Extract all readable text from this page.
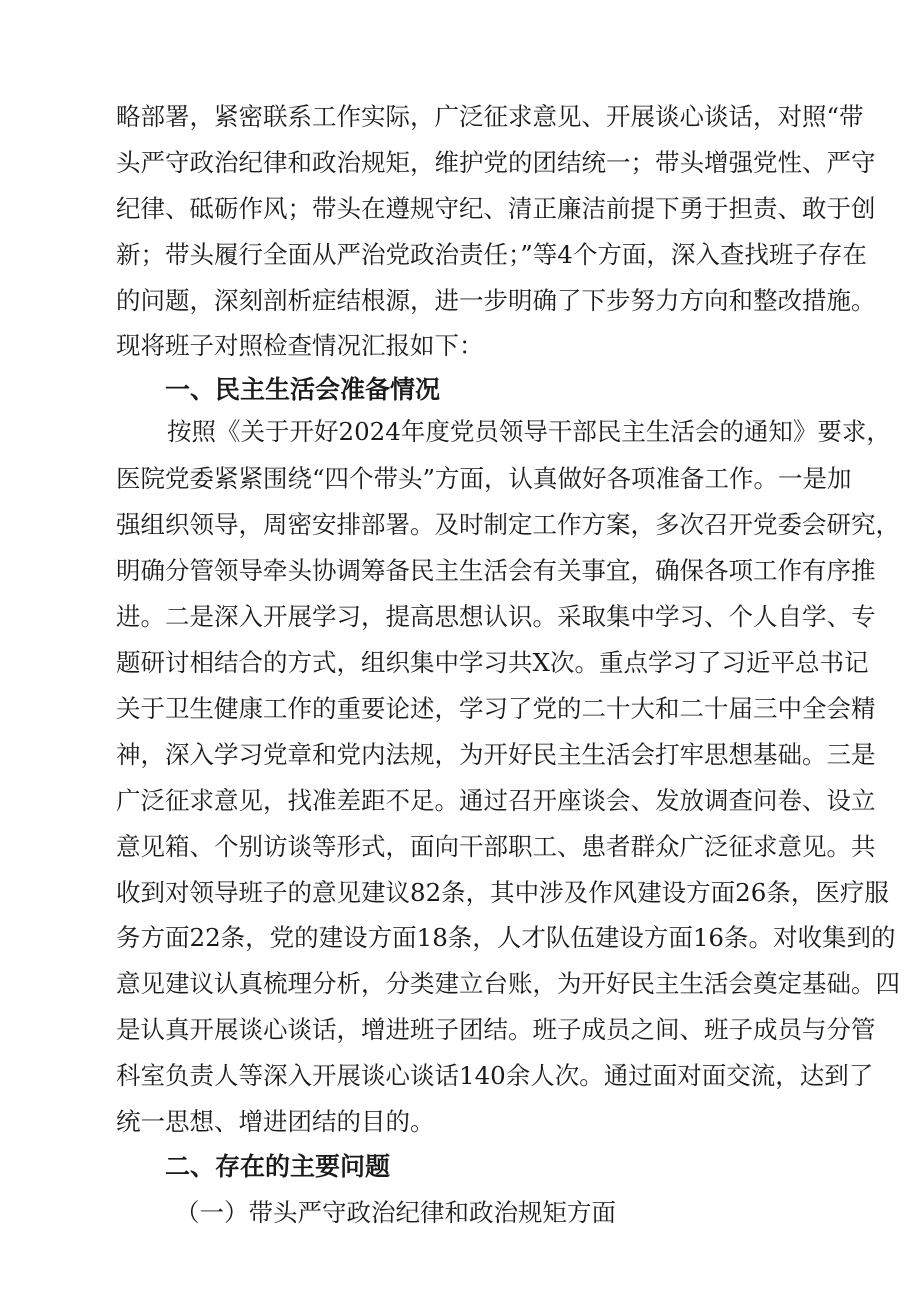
略部署，紧密联系工作实际，广泛征求意见、开展谈心谈话，对照“带
头严守政治纪律和政治规矩，维护党的团结统一；带头增强党性、严守
纪律、砥砺作风；带头在遵规守纪、清正廉洁前提下勇于担责、敢于创
新；带头履行全面从严治党政治责任；”等4个方面，深入查找班子存在
的问题，深刻剖析症结根源，进一步明确了下步努力方向和整改措施。
现将班子对照检查情况汇报如下：
一、民主生活会准备情况
按照《关于开好2024年度党员领导干部民主生活会的通知》要求，
医院党委紧紧围绕“四个带头”方面，认真做好各项准备工作。一是加
强组织领导，周密安排部署。及时制定工作方案，多次召开党委会研究，
明确分管领导牵头协调筹备民主生活会有关事宜，确保各项工作有序推
进。二是深入开展学习，提高思想认识。采取集中学习、个人自学、专
题研讨相结合的方式，组织集中学习共X次。重点学习了习近平总书记
关于卫生健康工作的重要论述，学习了党的二十大和二十届三中全会精
神，深入学习党章和党内法规，为开好民主生活会打牢思想基础。三是
广泛征求意见，找准差距不足。通过召开座谈会、发放调查问卷、设立
意见箱、个别访谈等形式，面向干部职工、患者群众广泛征求意见。共
收到对领导班子的意见建议82条，其中涉及作风建设方面26条，医疗服
务方面22条，党的建设方面18条，人才队伍建设方面16条。对收集到的
意见建议认真梳理分析，分类建立台账，为开好民主生活会奠定基础。四
是认真开展谈心谈话，增进班子团结。班子成员之间、班子成员与分管
科室负责人等深入开展谈心谈话140余人次。通过面对面交流，达到了
统一思想、增进团结的目的。
二、存在的主要问题
（一）带头严守政治纪律和政治规矩方面
